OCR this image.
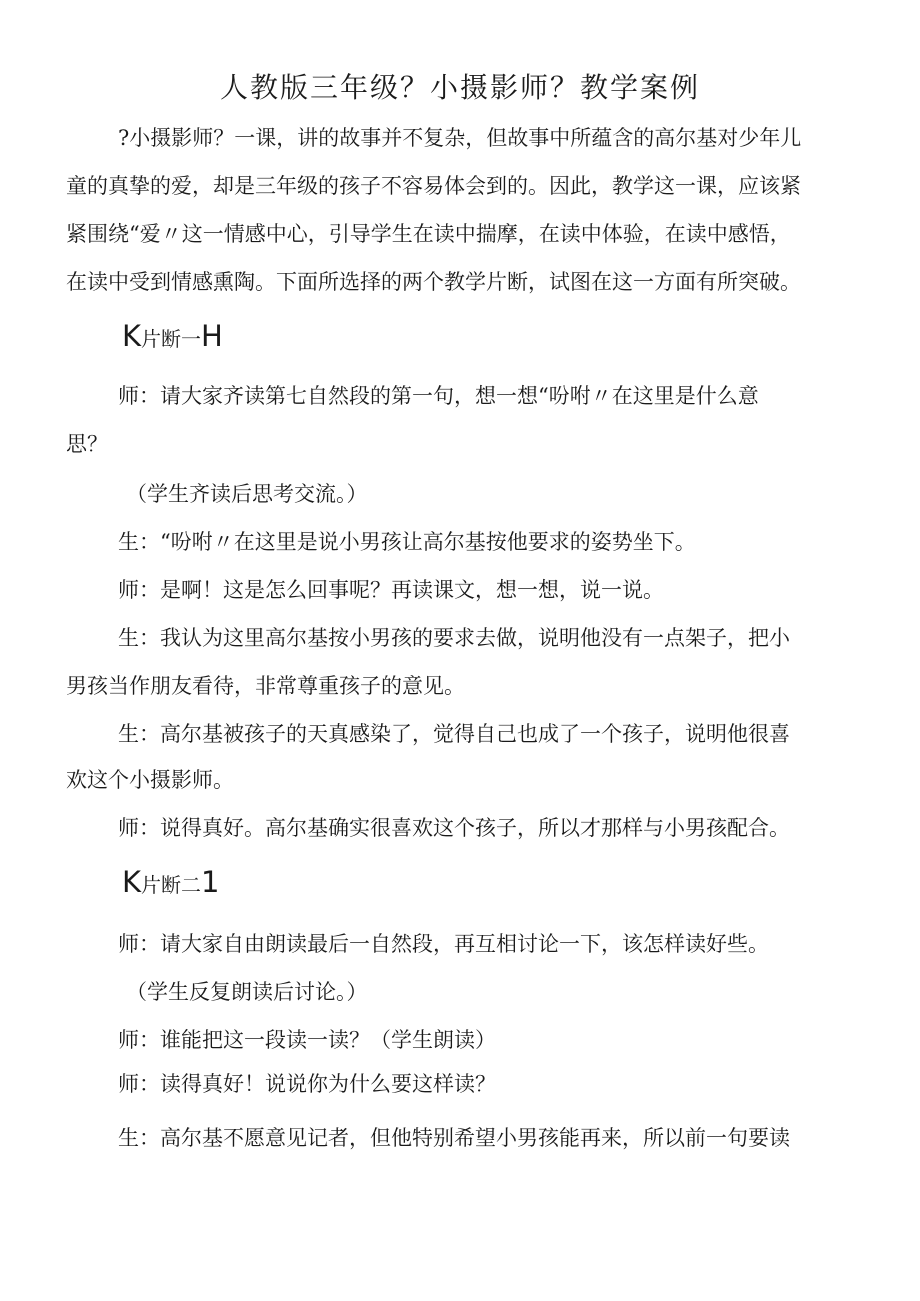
人教版三年级？小摄影师？教学案例
?小摄影师？一课，讲的故事并不复杂，但故事中所蕴含的高尔基对少年儿
童的真挚的爱，却是三年级的孩子不容易体会到的。因此，教学这一课，应该紧
紧围绕“爱〃这一情感中心，引导学生在读中揣摩，在读中体验，在读中感悟，
在读中受到情感熏陶。下面所选择的两个教学片断，试图在这一方面有所突破。
K片断一H
师：请大家齐读第七自然段的第一句，想一想“吩咐〃在这里是什么意
思？
（学生齐读后思考交流。）
生：“吩咐〃在这里是说小男孩让高尔基按他要求的姿势坐下。
师：是啊！这是怎么回事呢？再读课文，想一想，说一说。
生：我认为这里高尔基按小男孩的要求去做，说明他没有一点架子，把小
男孩当作朋友看待，非常尊重孩子的意见。
生：高尔基被孩子的天真感染了，觉得自己也成了一个孩子，说明他很喜
欢这个小摄影师。
师：说得真好。高尔基确实很喜欢这个孩子，所以才那样与小男孩配合。
K片断二1
师：请大家自由朗读最后一自然段，再互相讨论一下，该怎样读好些。
（学生反复朗读后讨论。）
师：谁能把这一段读一读？（学生朗读）
师：读得真好！说说你为什么要这样读？
生：高尔基不愿意见记者，但他特别希望小男孩能再来，所以前一句要读
